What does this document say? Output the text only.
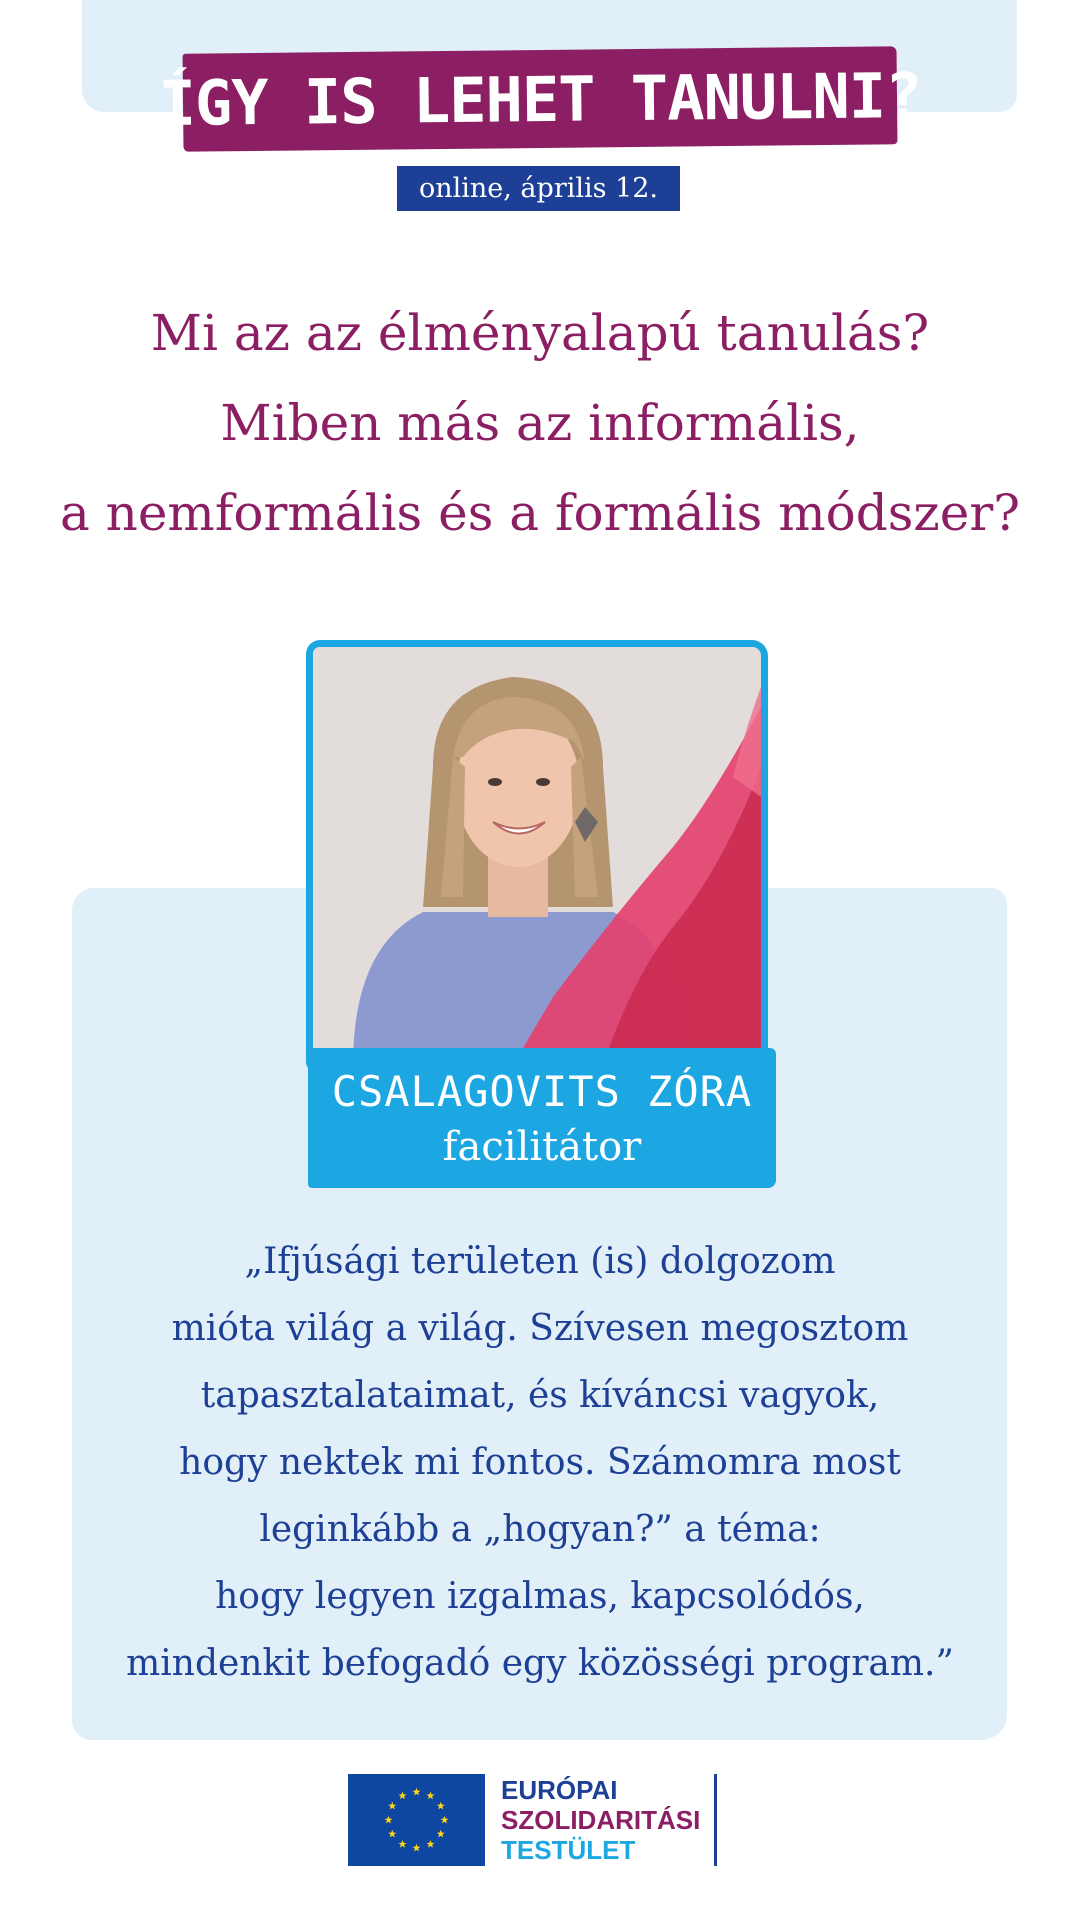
ÍGY IS LEHET TANULNI?
online, április 12.
Mi az az élményalapú tanulás?
Miben más az informális,
a nemformális és a formális módszer?
CSALAGOVITS ZÓRA
facilitátor
„Ifjúsági területen (is) dolgozom
mióta világ a világ. Szívesen megosztom
tapasztalataimat, és kíváncsi vagyok,
hogy nektek mi fontos. Számomra most
leginkább a „hogyan?” a téma:
hogy legyen izgalmas, kapcsolódós,
mindenkit befogadó egy közösségi program.”
EURÓPAI
SZOLIDARITÁSI
TESTÜLET
